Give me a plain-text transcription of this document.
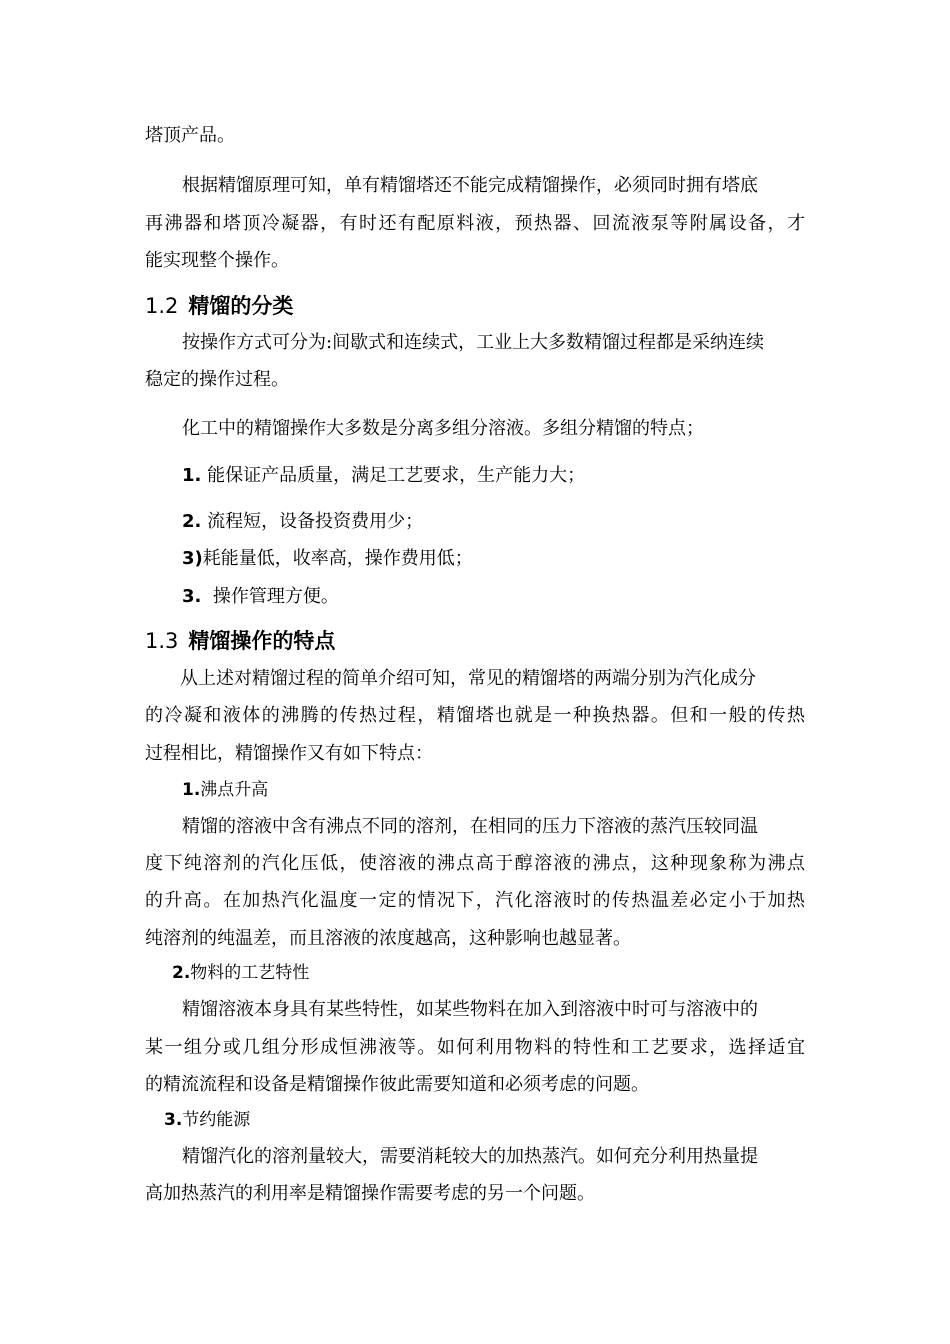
塔顶产品。
根据精馏原理可知，单有精馏塔还不能完成精馏操作，必须同时拥有塔底
再沸器和塔顶冷凝器，有时还有配原料液，预热器、回流液泵等附属设备，才
能实现整个操作。
1.2 精馏的分类
按操作方式可分为:间歇式和连续式，工业上大多数精馏过程都是采纳连续
稳定的操作过程。
化工中的精馏操作大多数是分离多组分溶液。多组分精馏的特点；
1. 能保证产品质量，满足工艺要求，生产能力大；
2. 流程短，设备投资费用少；
3)耗能量低，收率高，操作费用低；
3. 操作管理方便。
1.3 精馏操作的特点
从上述对精馏过程的简单介绍可知，常见的精馏塔的两端分别为汽化成分
的冷凝和液体的沸腾的传热过程，精馏塔也就是一种换热器。但和一般的传热
过程相比，精馏操作又有如下特点：
1.沸点升高
精馏的溶液中含有沸点不同的溶剂，在相同的压力下溶液的蒸汽压较同温
度下纯溶剂的汽化压低，使溶液的沸点高于醇溶液的沸点，这种现象称为沸点
的升高。在加热汽化温度一定的情况下，汽化溶液时的传热温差必定小于加热
纯溶剂的纯温差，而且溶液的浓度越高，这种影响也越显著。
2.物料的工艺特性
精馏溶液本身具有某些特性，如某些物料在加入到溶液中时可与溶液中的
某一组分或几组分形成恒沸液等。如何利用物料的特性和工艺要求，选择适宜
的精流流程和设备是精馏操作彼此需要知道和必须考虑的问题。
3.节约能源
精馏汽化的溶剂量较大，需要消耗较大的加热蒸汽。如何充分利用热量提
高加热蒸汽的利用率是精馏操作需要考虑的另一个问题。
